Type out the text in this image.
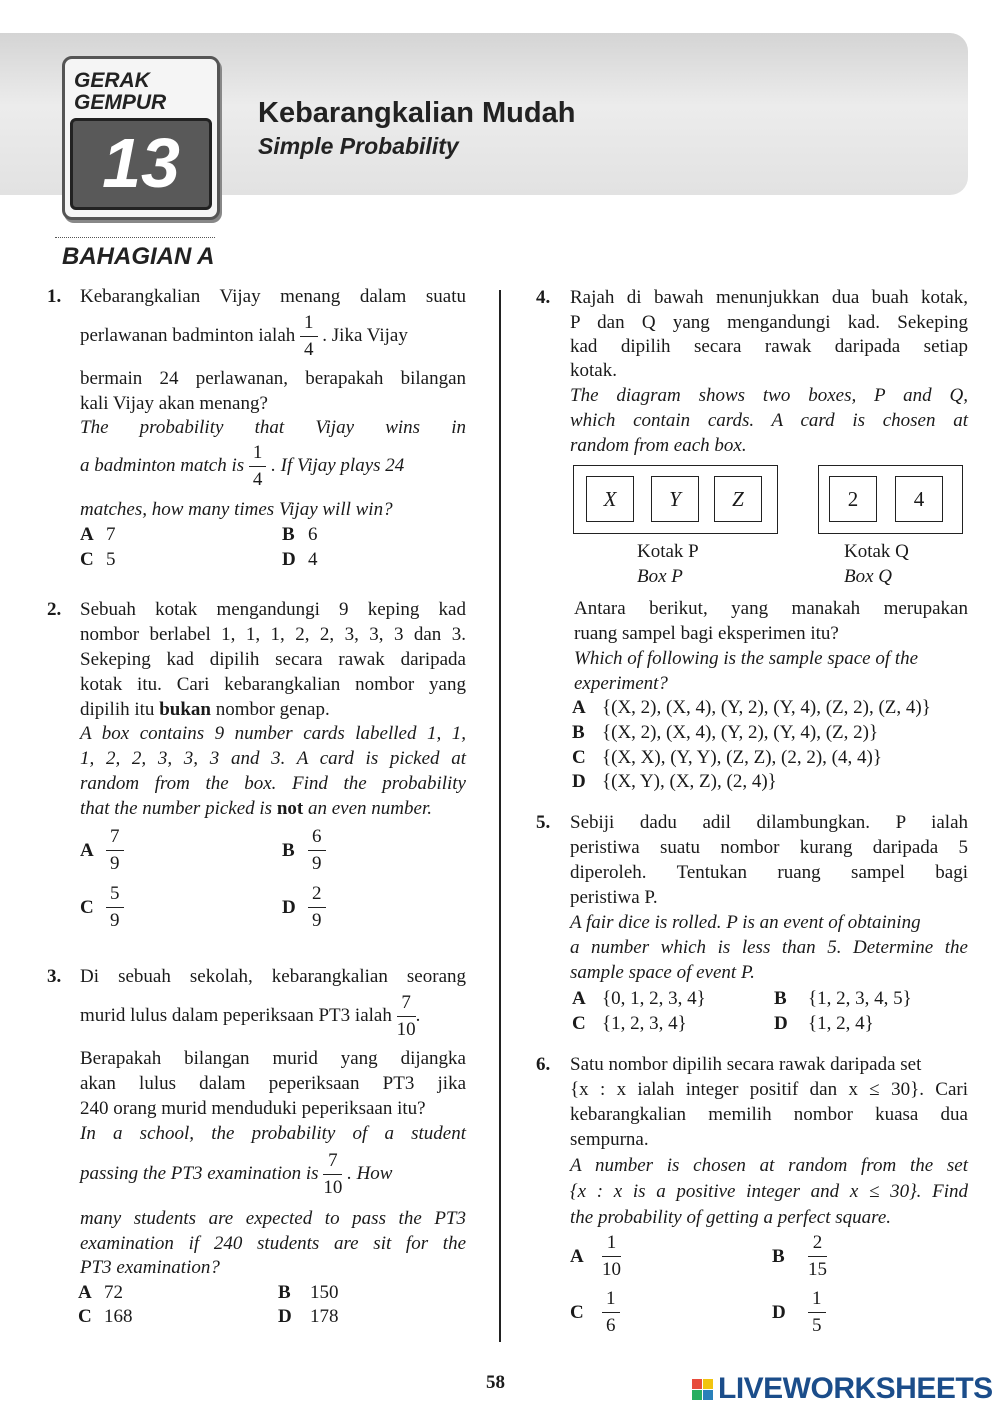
GERAK
GEMPUR
13
Kebarangkalian Mudah
Simple Probability
BAHAGIAN A
1. Kebarangkalian Vijay menang dalam suatu
perlawanan badminton ialah $\frac{1}{4}$ . Jika Vijay
bermain 24 perlawanan, berapakah bilangan
kali Vijay akan menang?
The probability that Vijay wins in
a badminton match is $\frac{1}{4}$ . If Vijay plays 24
matches, how many times Vijay will win?
A 7	B 6
C 5	D 4
2. Sebuah kotak mengandungi 9 keping kad
nombor berlabel 1, 1, 1, 2, 2, 3, 3, 3 dan 3.
Sekeping kad dipilih secara rawak daripada
kotak itu. Cari kebarangkalian nombor yang
dipilih itu bukan nombor genap.
A box contains 9 number cards labelled 1, 1,
1, 2, 2, 3, 3, 3 and 3. A card is picked at
random from the box. Find the probability
that the number picked is not an even number.
A $\frac{7}{9}$	B $\frac{6}{9}$
C $\frac{5}{9}$	D $\frac{2}{9}$
3. Di sebuah sekolah, kebarangkalian seorang
murid lulus dalam peperiksaan PT3 ialah $\frac{7}{10}$ .
Berapakah bilangan murid yang dijangka
akan lulus dalam peperiksaan PT3 jika
240 orang murid menduduki peperiksaan itu?
In a school, the probability of a student
passing the PT3 examination is $\frac{7}{10}$ . How
many students are expected to pass the PT3
examination if 240 students are sit for the
PT3 examination?
A 72	B 150
C 168	D 178
4. Rajah di bawah menunjukkan dua buah kotak,
P dan Q yang mengandungi kad. Sekeping
kad dipilih secara rawak daripada setiap
kotak.
The diagram shows two boxes, P and Q,
which contain cards. A card is chosen at
random from each box.
X	Y	Z	2	4
Kotak P
Box P
Kotak Q
Box Q
Antara berikut, yang manakah merupakan
ruang sampel bagi eksperimen itu?
Which of following is the sample space of the
experiment?
A {(X, 2), (X, 4), (Y, 2), (Y, 4), (Z, 2), (Z, 4)}
B {(X, 2), (X, 4), (Y, 2), (Y, 4), (Z, 2)}
C {(X, X), (Y, Y), (Z, Z), (2, 2), (4, 4)}
D {(X, Y), (X, Z), (2, 4)}
5. Sebiji dadu adil dilambungkan. P ialah
peristiwa suatu nombor kurang daripada 5
diperoleh. Tentukan ruang sampel bagi
peristiwa P.
A fair dice is rolled. P is an event of obtaining
a number which is less than 5. Determine the
sample space of event P.
A {0, 1, 2, 3, 4}	B {1, 2, 3, 4, 5}
C {1, 2, 3, 4}	D {1, 2, 4}
6. Satu nombor dipilih secara rawak daripada set
{x : x ialah integer positif dan x ≤ 30}. Cari
kebarangkalian memilih nombor kuasa dua
sempurna.
A number is chosen at random from the set
{x : x is a positive integer and x ≤ 30}. Find
the probability of getting a perfect square.
A $\frac{1}{10}$	B $\frac{2}{15}$
C $\frac{1}{6}$	D $\frac{1}{5}$
58	LIVEWORKSHEETS
